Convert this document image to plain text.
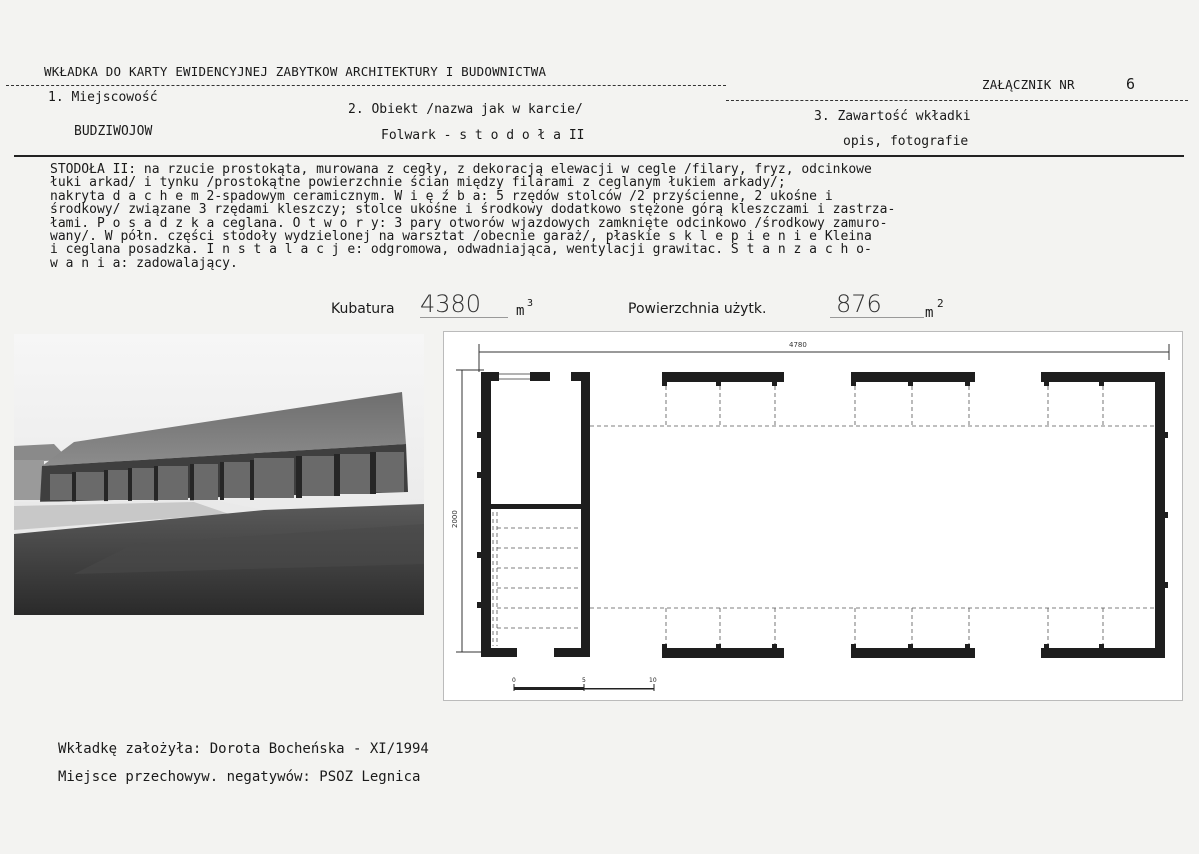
WKŁADKA DO KARTY EWIDENCYJNEJ ZABYTKOW ARCHITEKTURY I BUDOWNICTWA
ZAŁĄCZNIK NR	6
1. Miejscowość
BUDZIWOJOW
2. Obiekt /nazwa jak w karcie/
Folwark - s t o d o ł a II
3. Zawartość wkładki
opis, fotografie
STODOŁA II: na rzucie prostokąta, murowana z cegły, z dekoracją elewacji w cegle /filary, fryz, odcinkowe
łuki arkad/ i tynku /prostokątne powierzchnie ścian między filarami z ceglanym łukiem arkady/;
nakryta d a c h e m 2-spadowym ceramicznym. W i ę ź b a: 5 rzędów stolców /2 przyścienne, 2 ukośne i
środkowy/ związane 3 rzędami kleszczy; stolce ukośne i środkowy dodatkowo stężone górą kleszczami i zastrza-
łami. P o s a d z k a ceglana. O t w o r y: 3 pary otworów wjazdowych zamknięte odcinkowo /środkowy zamuro-
wany/. W półn. części stodoły wydzielonej na warsztat /obecnie garaż/, płaskie s k l e p i e n i e Kleina
i ceglana posadzka. I n s t a l a c j e: odgromowa, odwadniająca, wentylacji grawitac. S t a n z a c h o-
w a n i a: zadowalający.
Kubatura 4380	m 3	Powierzchnia użytk.	876	m
2
4780
2000
0	5	10
Wkładkę założyła: Dorota Bocheńska - XI/1994
Miejsce przechowyw. negatywów: PSOZ Legnica
